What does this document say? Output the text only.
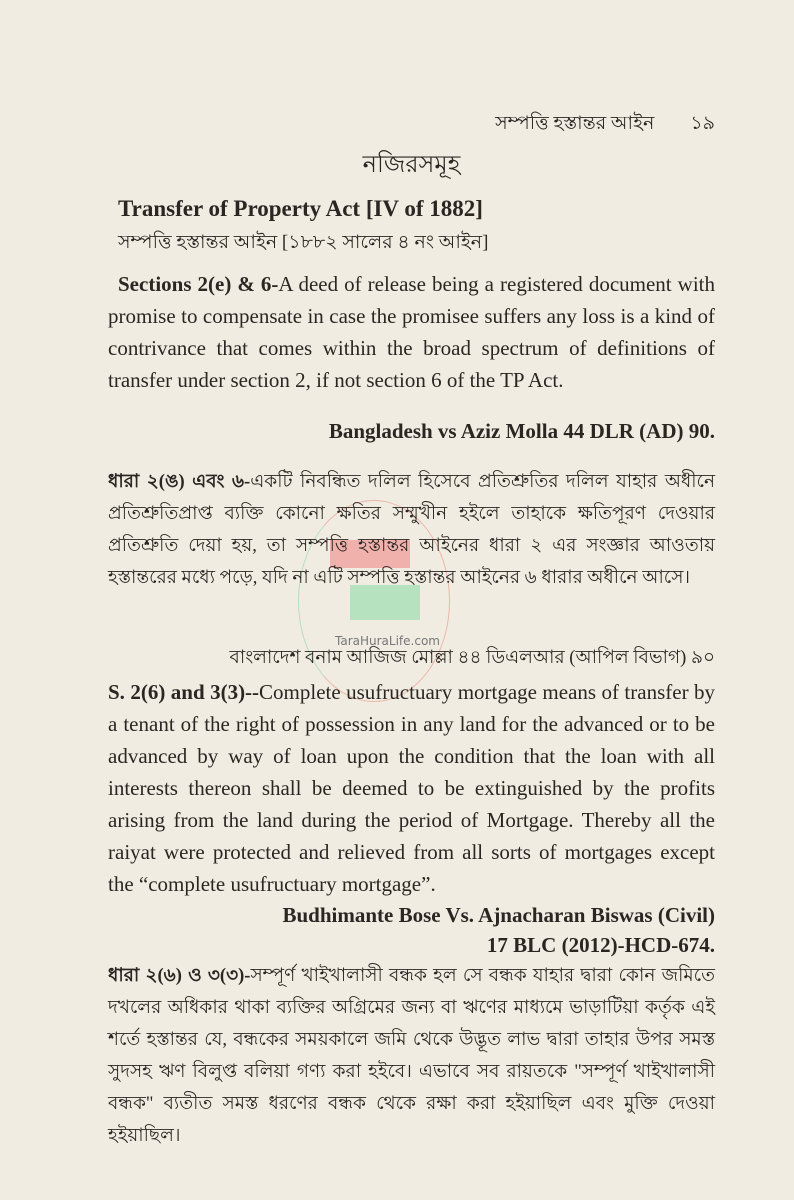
TaraHuraLife.com
সম্পত্তি হস্তান্তর আইন ১৯
নজিরসমূহ
Transfer of Property Act [IV of 1882]
সম্পত্তি হস্তান্তর আইন [১৮৮২ সালের ৪ নং আইন]

Sections 2(e) & 6-A deed of release being a registered document with promise to compensate in case the promisee suffers any loss is a kind of contrivance that comes within the broad spectrum of definitions of transfer under section 2, if not section 6 of the TP Act.

Bangladesh vs Aziz Molla 44 DLR (AD) 90.

ধারা ২(ঙ) এবং ৬-একটি নিবন্ধিত দলিল হিসেবে প্রতিশ্রুতির দলিল যাহার অধীনে প্রতিশ্রুতিপ্রাপ্ত ব্যক্তি কোনো ক্ষতির সম্মুখীন হইলে তাহাকে ক্ষতিপূরণ দেওয়ার প্রতিশ্রুতি দেয়া হয়, তা সম্পত্তি হস্তান্তর আইনের ধারা ২ এর সংজ্ঞার আওতায় হস্তান্তরের মধ্যে পড়ে, যদি না এটি সম্পত্তি হস্তান্তর আইনের ৬ ধারার অধীনে আসে।

বাংলাদেশ বনাম আজিজ মোল্লা ৪৪ ডিএলআর (আপিল বিভাগ) ৯০

S. 2(6) and 3(3)--Complete usufructuary mortgage means of transfer by a tenant of the right of possession in any land for the advanced or to be advanced by way of loan upon the condition that the loan with all interests thereon shall be deemed to be extinguished by the profits arising from the land during the period of Mortgage. Thereby all the raiyat were protected and relieved from all sorts of mortgages except the “complete usufructuary mortgage”.

Budhimante Bose Vs. Ajnacharan Biswas (Civil)
17 BLC (2012)-HCD-674.

ধারা ২(৬) ও ৩(৩)-সম্পূর্ণ খাইখালাসী বন্ধক হল সে বন্ধক যাহার দ্বারা কোন জমিতে দখলের অধিকার থাকা ব্যক্তির অগ্রিমের জন্য বা ঋণের মাধ্যমে ভাড়াটিয়া কর্তৃক এই শর্তে হস্তান্তর যে, বন্ধকের সময়কালে জমি থেকে উদ্ভূত লাভ দ্বারা তাহার উপর সমস্ত সুদসহ ঋণ বিলুপ্ত বলিয়া গণ্য করা হইবে। এভাবে সব রায়তকে "সম্পূর্ণ খাইখালাসী বন্ধক" ব্যতীত সমস্ত ধরণের বন্ধক থেকে রক্ষা করা হইয়াছিল এবং মুক্তি দেওয়া হইয়াছিল।
